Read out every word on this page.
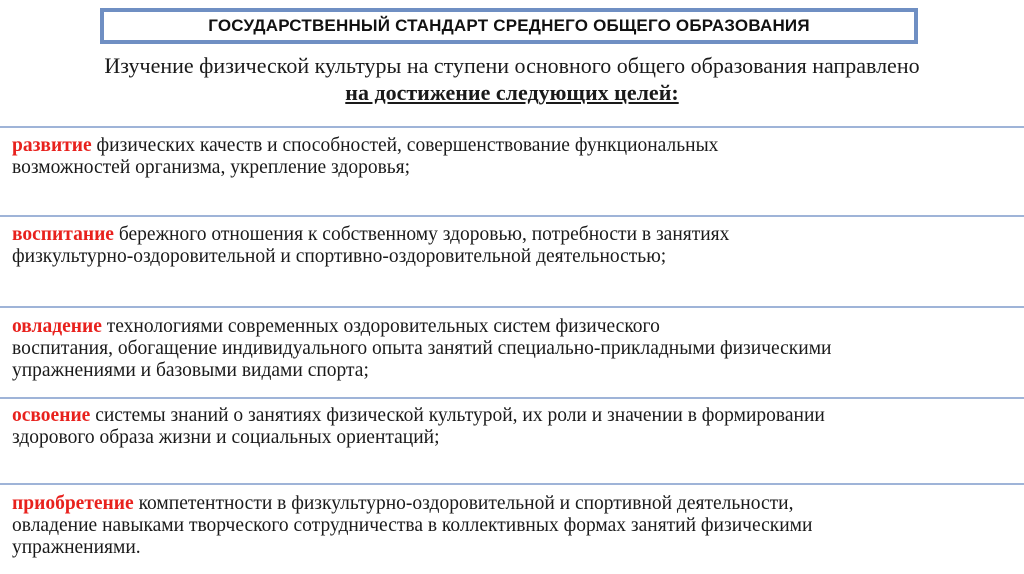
ГОСУДАРСТВЕННЫЙ СТАНДАРТ СРЕДНЕГО ОБЩЕГО ОБРАЗОВАНИЯ
Изучение физической культуры на ступени основного общего образования направлено
на достижение следующих целей:
развитие физических качеств и способностей, совершенствование функциональных
возможностей организма, укрепление здоровья;
воспитание бережного отношения к собственному здоровью, потребности в занятиях
физкультурно-оздоровительной и спортивно-оздоровительной деятельностью;
овладение технологиями современных оздоровительных систем физического
воспитания, обогащение индивидуального опыта занятий специально-прикладными физическими
упражнениями и базовыми видами спорта;
освоение системы знаний о занятиях физической культурой, их роли и значении в формировании
здорового образа жизни и социальных ориентаций;
приобретение компетентности в физкультурно-оздоровительной и спортивной деятельности,
овладение навыками творческого сотрудничества в коллективных формах занятий физическими
упражнениями.
